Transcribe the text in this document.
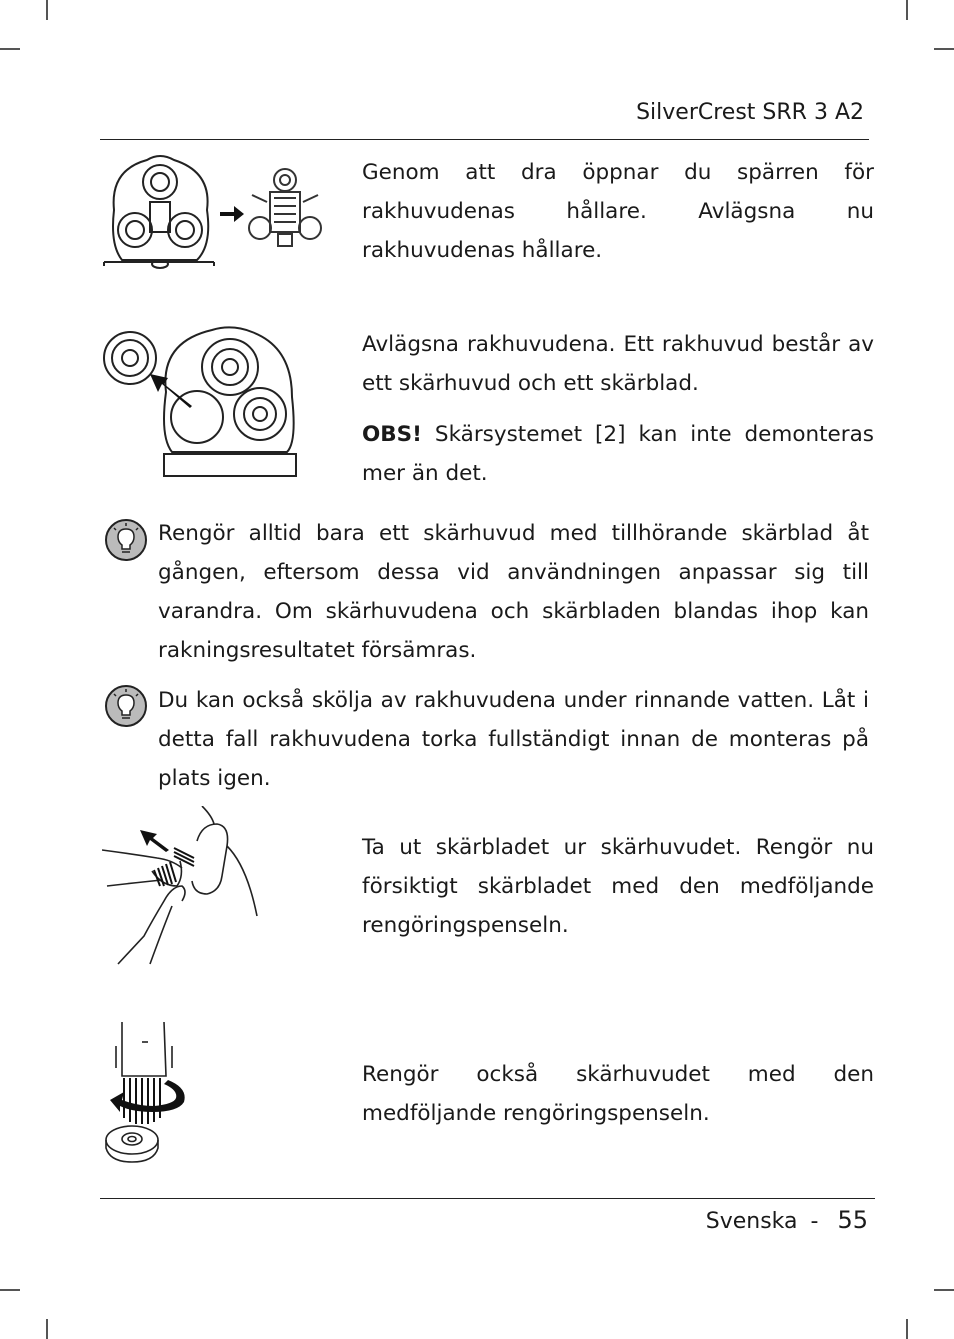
SilverCrest SRR 3 A2

Genom att dra öppnar du spärren för rakhuvudenas hållare. Avlägsna nu rakhuvudenas hållare.

Avlägsna rakhuvudena. Ett rakhuvud består av ett skärhuvud och ett skärblad.

OBS! Skärsystemet [2] kan inte demonteras mer än det.

Rengör alltid bara ett skärhuvud med tillhörande skärblad åt gången, eftersom dessa vid användningen anpassar sig till varandra. Om skärhuvudena och skärbladen blandas ihop kan rakningsresultatet försämras.

Du kan också skölja av rakhuvudena under rinnande vatten. Låt i detta fall rakhuvudena torka fullständigt innan de monteras på plats igen.

Ta ut skärbladet ur skärhuvudet. Rengör nu försiktigt skärbladet med den medföljande rengöringspenseln.

Rengör också skärhuvudet med den medföljande rengöringspenseln.

Svenska - 55
